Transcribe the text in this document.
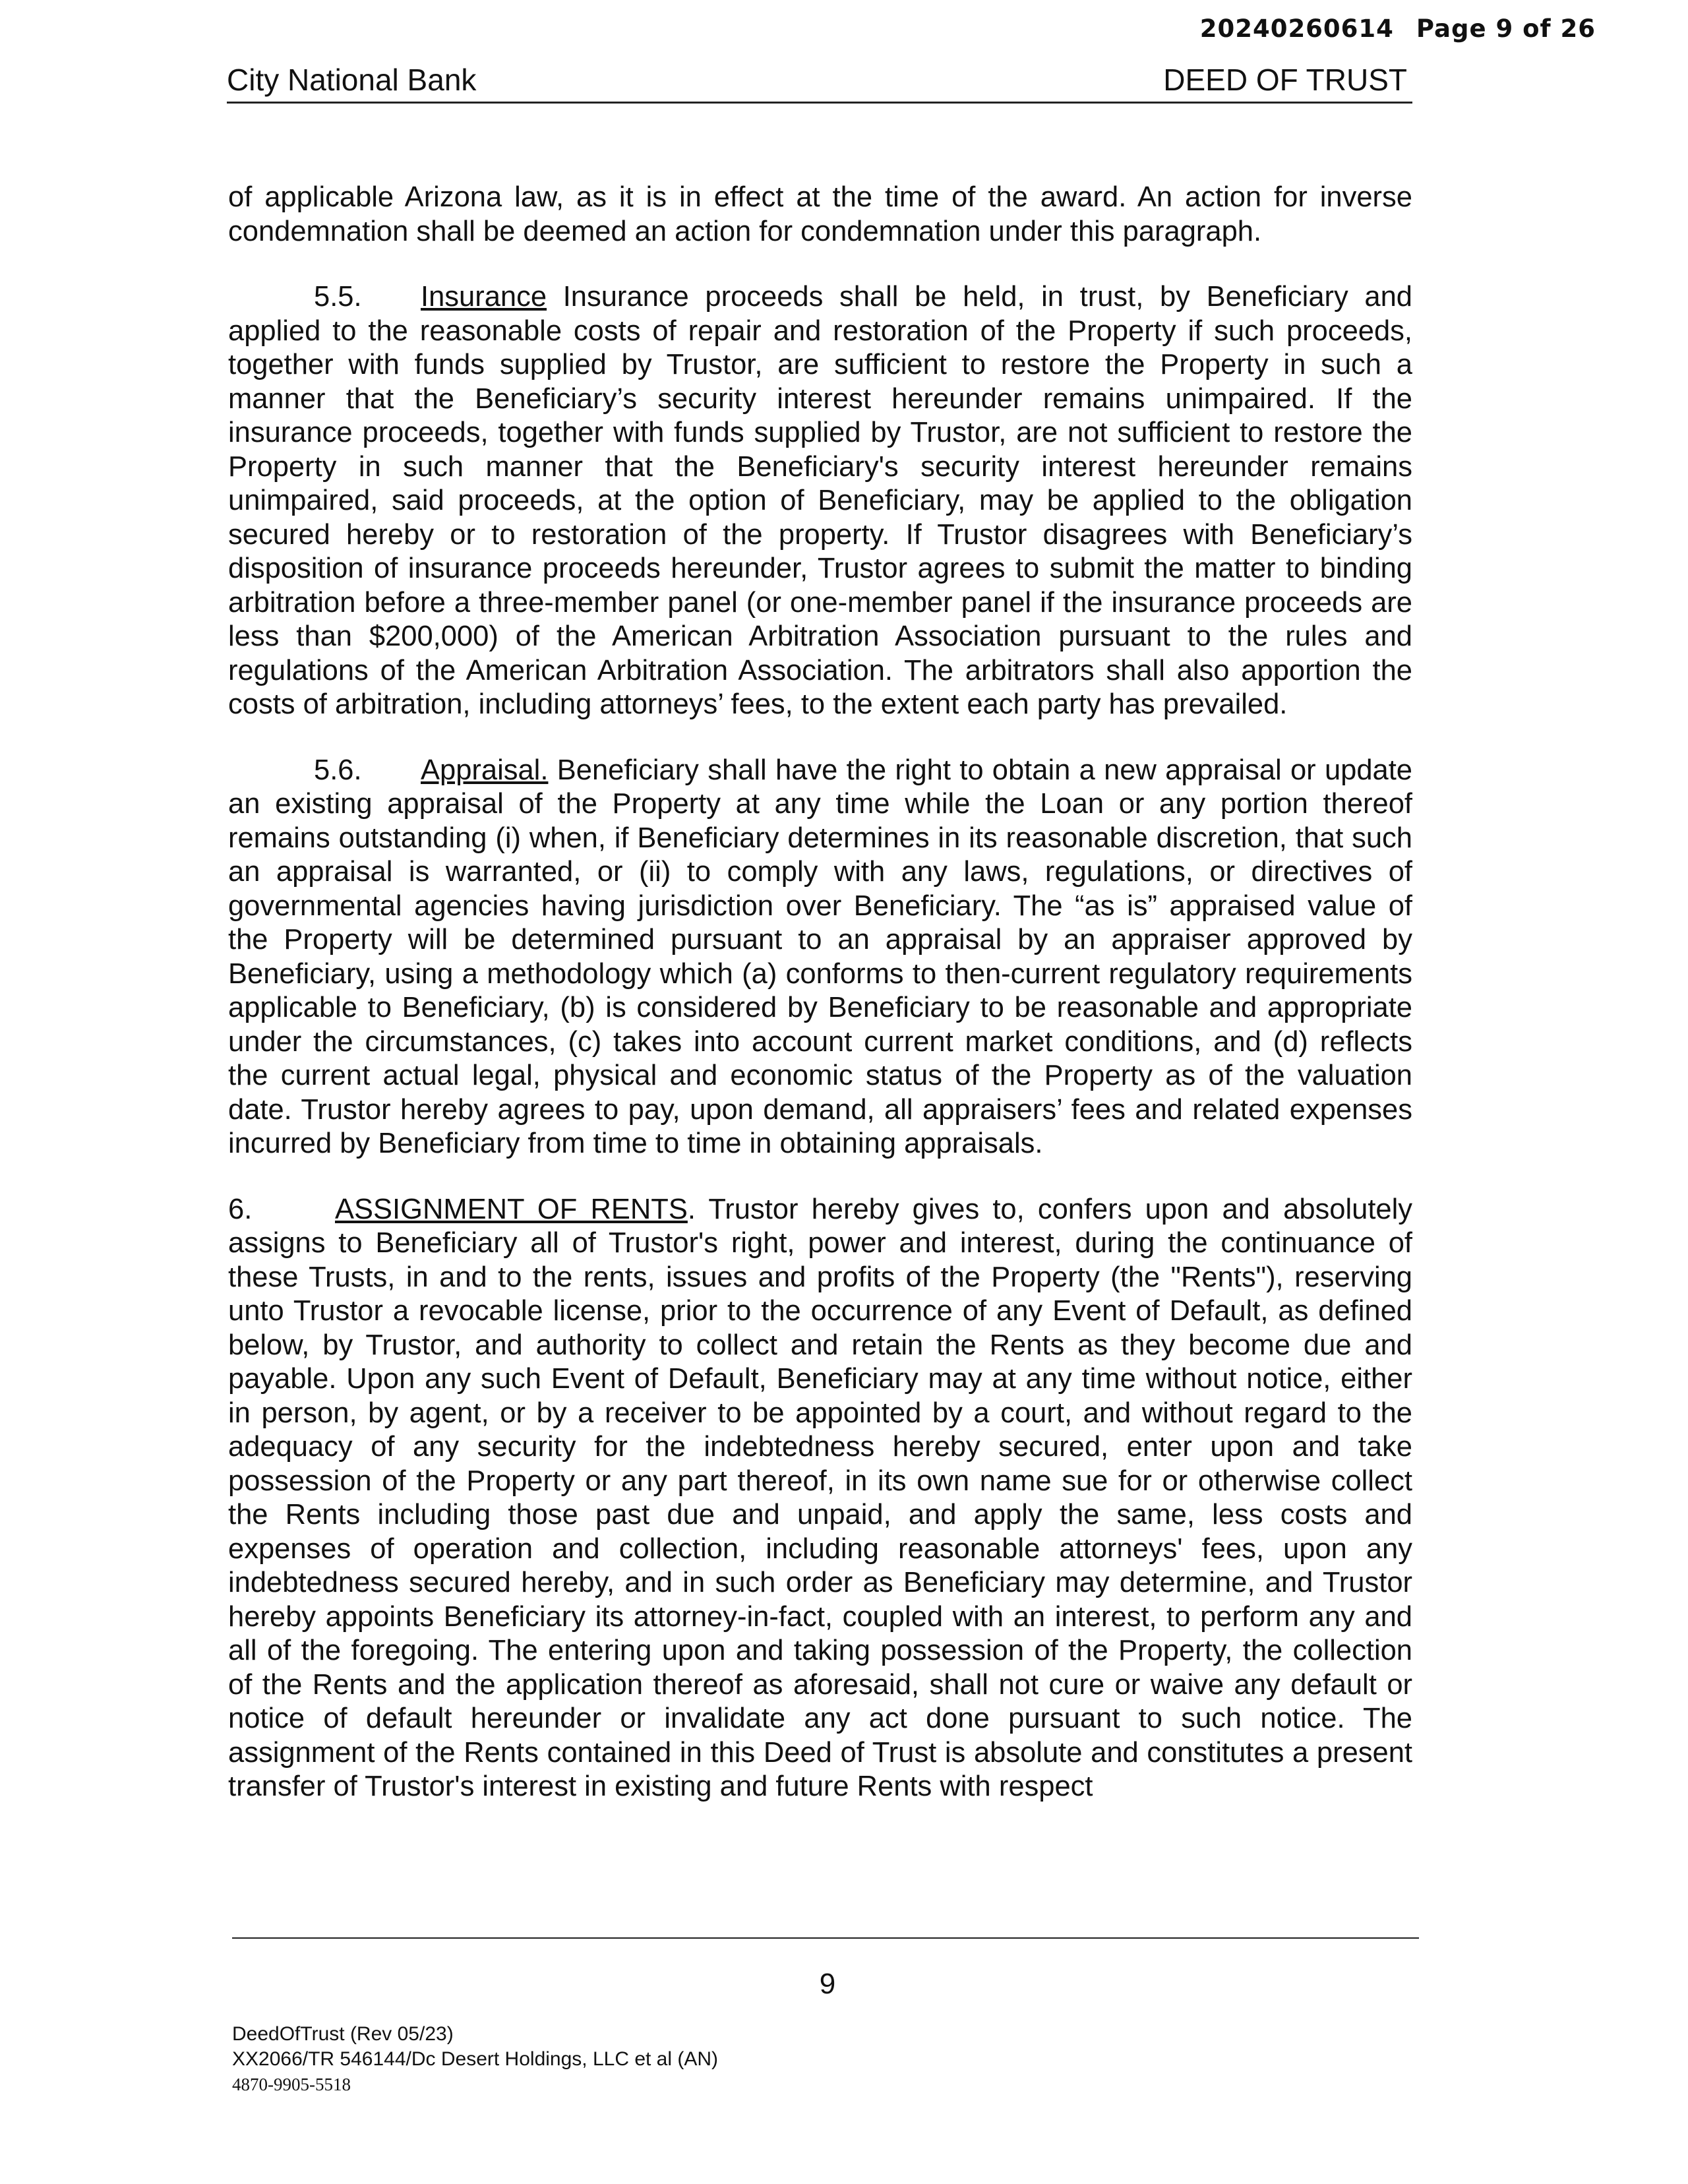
20240260614 Page 9 of 26
City National Bank	DEED OF TRUST

of applicable Arizona law, as it is in effect at the time of the award. An action for inverse condemnation shall be deemed an action for condemnation under this paragraph.

5.5. Insurance Insurance proceeds shall be held, in trust, by Beneficiary and applied to the reasonable costs of repair and restoration of the Property if such proceeds, together with funds supplied by Trustor, are sufficient to restore the Property in such a manner that the Beneficiary’s security interest hereunder remains unimpaired. If the insurance proceeds, together with funds supplied by Trustor, are not sufficient to restore the Property in such manner that the Beneficiary's security interest hereunder remains unimpaired, said proceeds, at the option of Beneficiary, may be applied to the obligation secured hereby or to restoration of the property. If Trustor disagrees with Beneficiary’s disposition of insurance proceeds hereunder, Trustor agrees to submit the matter to binding arbitration before a three-member panel (or one-member panel if the insurance proceeds are less than $200,000) of the American Arbitration Association pursuant to the rules and regulations of the American Arbitration Association. The arbitrators shall also apportion the costs of arbitration, including attorneys’ fees, to the extent each party has prevailed.

5.6. Appraisal. Beneficiary shall have the right to obtain a new appraisal or update an existing appraisal of the Property at any time while the Loan or any portion thereof remains outstanding (i) when, if Beneficiary determines in its reasonable discretion, that such an appraisal is warranted, or (ii) to comply with any laws, regulations, or directives of governmental agencies having jurisdiction over Beneficiary. The “as is” appraised value of the Property will be determined pursuant to an appraisal by an appraiser approved by Beneficiary, using a methodology which (a) conforms to then-current regulatory requirements applicable to Beneficiary, (b) is considered by Beneficiary to be reasonable and appropriate under the circumstances, (c) takes into account current market conditions, and (d) reflects the current actual legal, physical and economic status of the Property as of the valuation date. Trustor hereby agrees to pay, upon demand, all appraisers’ fees and related expenses incurred by Beneficiary from time to time in obtaining appraisals.

6.	ASSIGNMENT OF RENTS. Trustor hereby gives to, confers upon and absolutely assigns to Beneficiary all of Trustor's right, power and interest, during the continuance of these Trusts, in and to the rents, issues and profits of the Property (the "Rents"), reserving unto Trustor a revocable license, prior to the occurrence of any Event of Default, as defined below, by Trustor, and authority to collect and retain the Rents as they become due and payable. Upon any such Event of Default, Beneficiary may at any time without notice, either in person, by agent, or by a receiver to be appointed by a court, and without regard to the adequacy of any security for the indebtedness hereby secured, enter upon and take possession of the Property or any part thereof, in its own name sue for or otherwise collect the Rents including those past due and unpaid, and apply the same, less costs and expenses of operation and collection, including reasonable attorneys' fees, upon any indebtedness secured hereby, and in such order as Beneficiary may determine, and Trustor hereby appoints Beneficiary its attorney-in-fact, coupled with an interest, to perform any and all of the foregoing. The entering upon and taking possession of the Property, the collection of the Rents and the application thereof as aforesaid, shall not cure or waive any default or notice of default hereunder or invalidate any act done pursuant to such notice. The assignment of the Rents contained in this Deed of Trust is absolute and constitutes a present transfer of Trustor's interest in existing and future Rents with respect

9
DeedOfTrust (Rev 05/23)
XX2066/TR 546144/Dc Desert Holdings, LLC et al (AN)
4870-9905-5518
